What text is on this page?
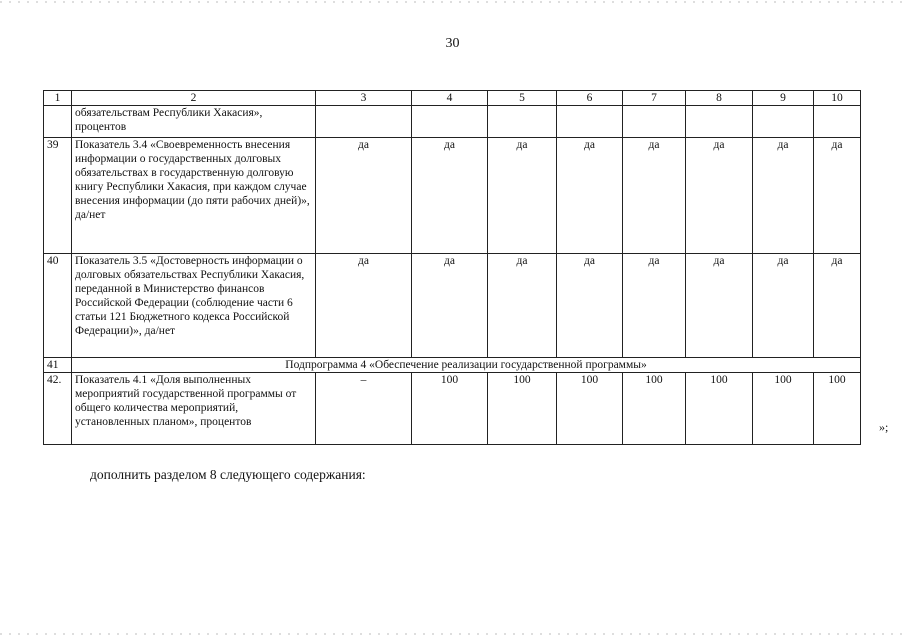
30
1	2	3	4	5	6	7	8	9	10
	обязательствам Республики Хакасия», процентов								
39	Показатель 3.4 «Своевременность внесения информации о государственных долговых обязательствах в государственную долговую книгу Республики Хакасия, при каждом случае внесения информации (до пяти рабочих дней)», да/нет	да	да	да	да	да	да	да	да
40	Показатель 3.5 «Достоверность информации о долговых обязательствах Республики Хакасия, переданной в Министерство финансов Российской Федерации (соблюдение части 6 статьи 121 Бюджетного кодекса Российской Федерации)», да/нет	да	да	да	да	да	да	да	да
41	Подпрограмма 4 «Обеспечение реализации государственной программы»								
42.	Показатель 4.1 «Доля выполненных мероприятий государственной программы от общего количества мероприятий, установленных планом», процентов	–	100	100	100	100	100	100	100
»;
дополнить разделом 8 следующего содержания:
